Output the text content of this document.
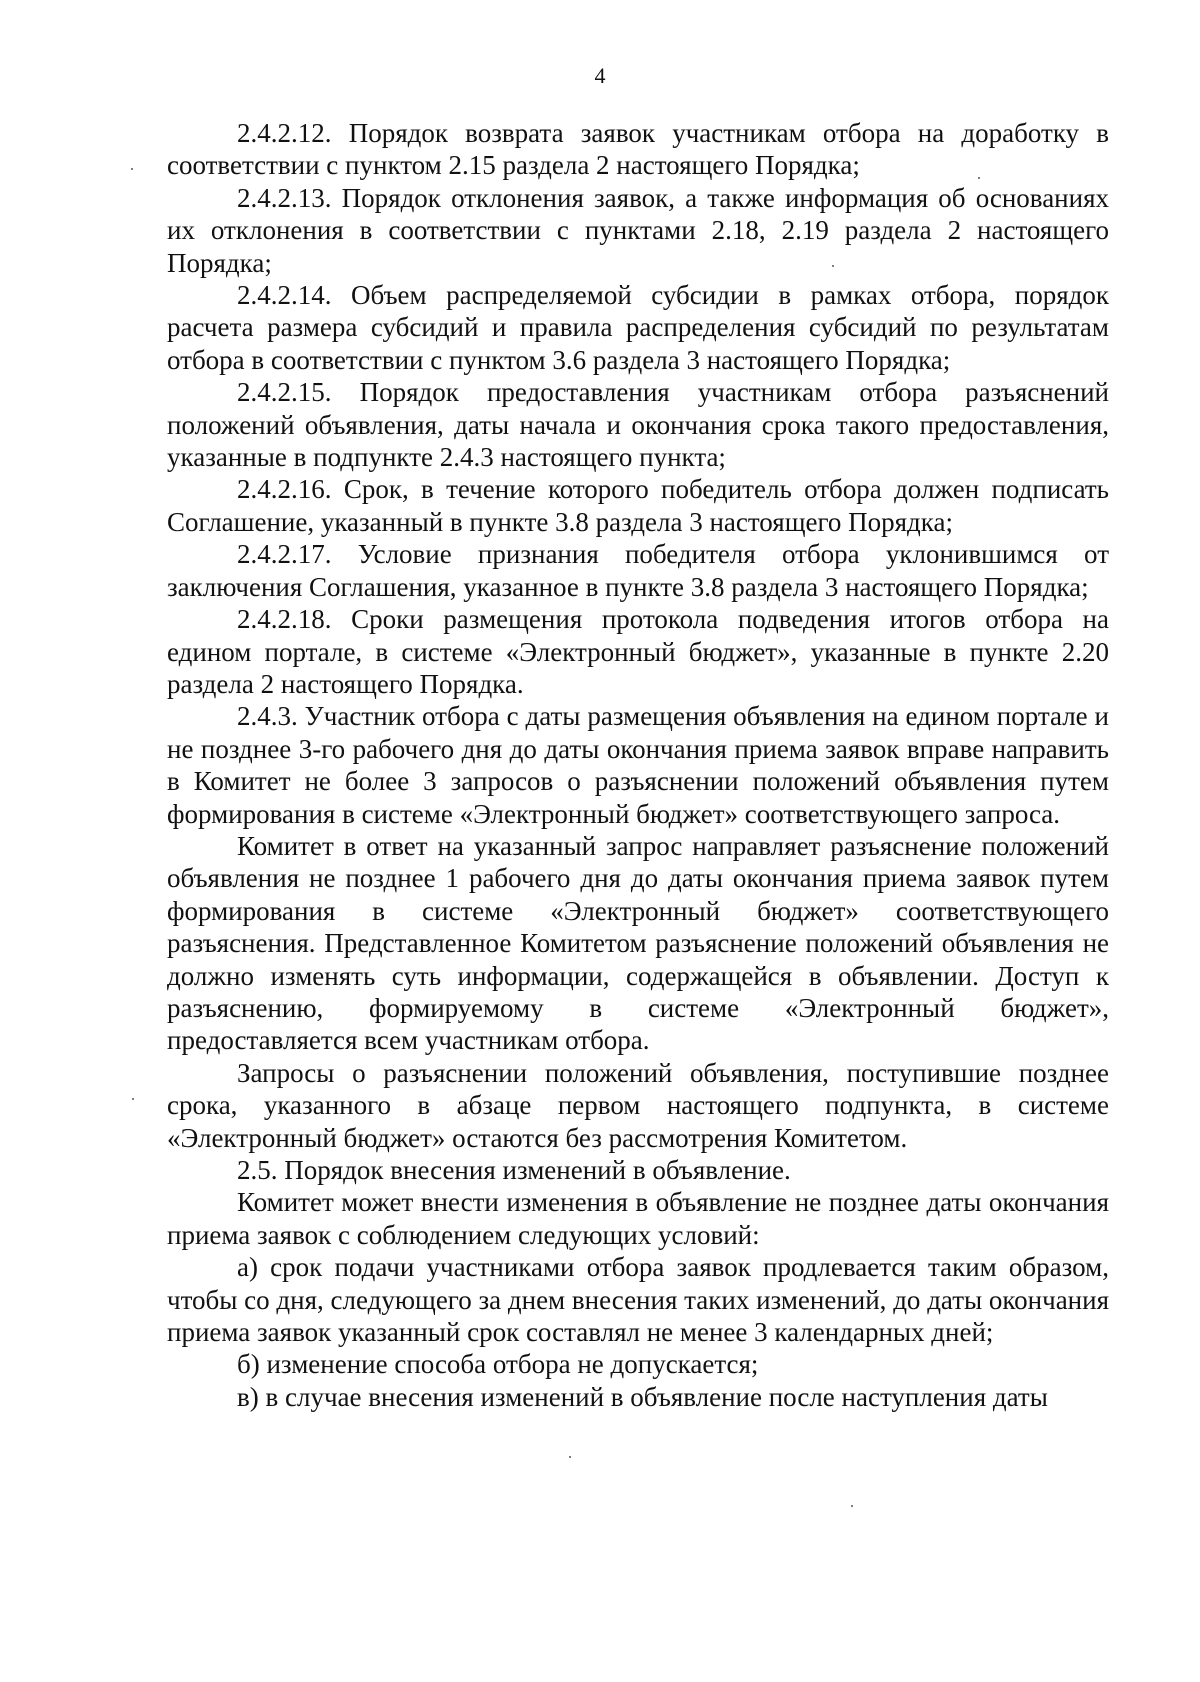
4

2.4.2.12. Порядок возврата заявок участникам отбора на доработку в соответствии с пунктом 2.15 раздела 2 настоящего Порядка;

2.4.2.13. Порядок отклонения заявок, а также информация об основаниях их отклонения в соответствии с пунктами 2.18, 2.19 раздела 2 настоящего Порядка;

2.4.2.14. Объем распределяемой субсидии в рамках отбора, порядок расчета размера субсидий и правила распределения субсидий по результатам отбора в соответствии с пунктом 3.6 раздела 3 настоящего Порядка;

2.4.2.15. Порядок предоставления участникам отбора разъяснений положений объявления, даты начала и окончания срока такого предоставления, указанные в подпункте 2.4.3 настоящего пункта;

2.4.2.16. Срок, в течение которого победитель отбора должен подписать Соглашение, указанный в пункте 3.8 раздела 3 настоящего Порядка;

2.4.2.17. Условие признания победителя отбора уклонившимся от заключения Соглашения, указанное в пункте 3.8 раздела 3 настоящего Порядка;

2.4.2.18. Сроки размещения протокола подведения итогов отбора на едином портале, в системе «Электронный бюджет», указанные в пункте 2.20 раздела 2 настоящего Порядка.

2.4.3. Участник отбора с даты размещения объявления на едином портале и не позднее 3-го рабочего дня до даты окончания приема заявок вправе направить в Комитет не более 3 запросов о разъяснении положений объявления путем формирования в системе «Электронный бюджет» соответствующего запроса.

Комитет в ответ на указанный запрос направляет разъяснение положений объявления не позднее 1 рабочего дня до даты окончания приема заявок путем формирования в системе «Электронный бюджет» соответствующего разъяснения. Представленное Комитетом разъяснение положений объявления не должно изменять суть информации, содержащейся в объявлении. Доступ к разъяснению, формируемому в системе «Электронный бюджет», предоставляется всем участникам отбора.

Запросы о разъяснении положений объявления, поступившие позднее срока, указанного в абзаце первом настоящего подпункта, в системе «Электронный бюджет» остаются без рассмотрения Комитетом.

2.5. Порядок внесения изменений в объявление.

Комитет может внести изменения в объявление не позднее даты окончания приема заявок с соблюдением следующих условий:

а) срок подачи участниками отбора заявок продлевается таким образом, чтобы со дня, следующего за днем внесения таких изменений, до даты окончания приема заявок указанный срок составлял не менее 3 календарных дней;

б) изменение способа отбора не допускается;

в) в случае внесения изменений в объявление после наступления даты
